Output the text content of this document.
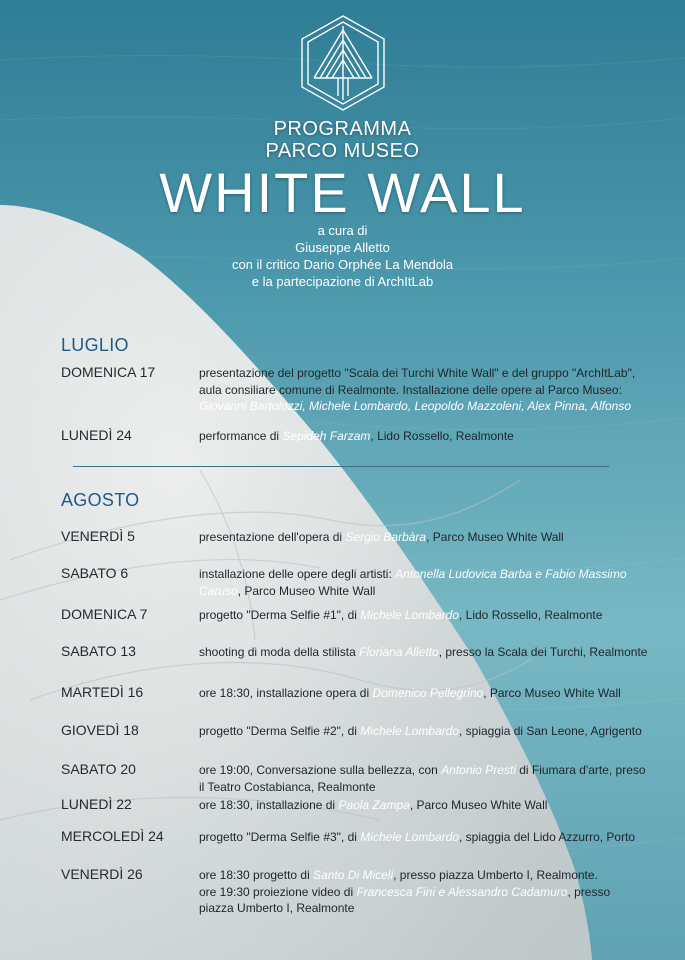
PROGRAMMA
PARCO MUSEO
WHITE WALL
a cura di
Giuseppe Alletto
con il critico Dario Orphée La Mendola
e la partecipazione di ArchItLab
LUGLIO
DOMENICA 17	presentazione del progetto "Scala dei Turchi White Wall" e del gruppo "ArchItLab",
aula consiliare comune di Realmonte. Installazione delle opere al Parco Museo:
Giovanni Bartolozzi, Michele Lombardo, Leopoldo Mazzoleni, Alex Pinna, Alfonso
LUNEDÌ 24	performance di Sepideh Farzam, Lido Rossello, Realmonte
VENERDÌ 5	presentazione dell'opera di Sergio Barbàra, Parco Museo White Wall
SABATO 6	installazione delle opere degli artisti: Antonella Ludovica Barba e Fabio Massimo
Caruso, Parco Museo White Wall
DOMENICA 7	progetto "Derma Selfie #1", di Michele Lombardo, Lido Rossello, Realmonte
SABATO 13	shooting di moda della stilista Floriana Alletto, presso la Scala dei Turchi, Realmonte
MARTEDÌ 16	ore 18:30, installazione opera di Domenico Pellegrino, Parco Museo White Wall
GIOVEDÌ 18	progetto "Derma Selfie #2", di Michele Lombardo, spiaggia di San Leone, Agrigento
SABATO 20	ore 19:00, Conversazione sulla bellezza, con Antonio Presti di Fiumara d'arte, preso
il Teatro Costabianca, Realmonte
LUNEDÌ 22	ore 18:30, installazione di Paola Zampa, Parco Museo White Wall
MERCOLEDÌ 24	progetto "Derma Selfie #3", di Michele Lombardo, spiaggia del Lido Azzurro, Porto
VENERDÌ 26	ore 18:30 progetto di Santo Di Miceli, presso piazza Umberto I, Realmonte.
ore 19:30 proiezione video di Francesca Fini e Alessandro Cadamuro, presso
piazza Umberto I, Realmonte
AGOSTO
